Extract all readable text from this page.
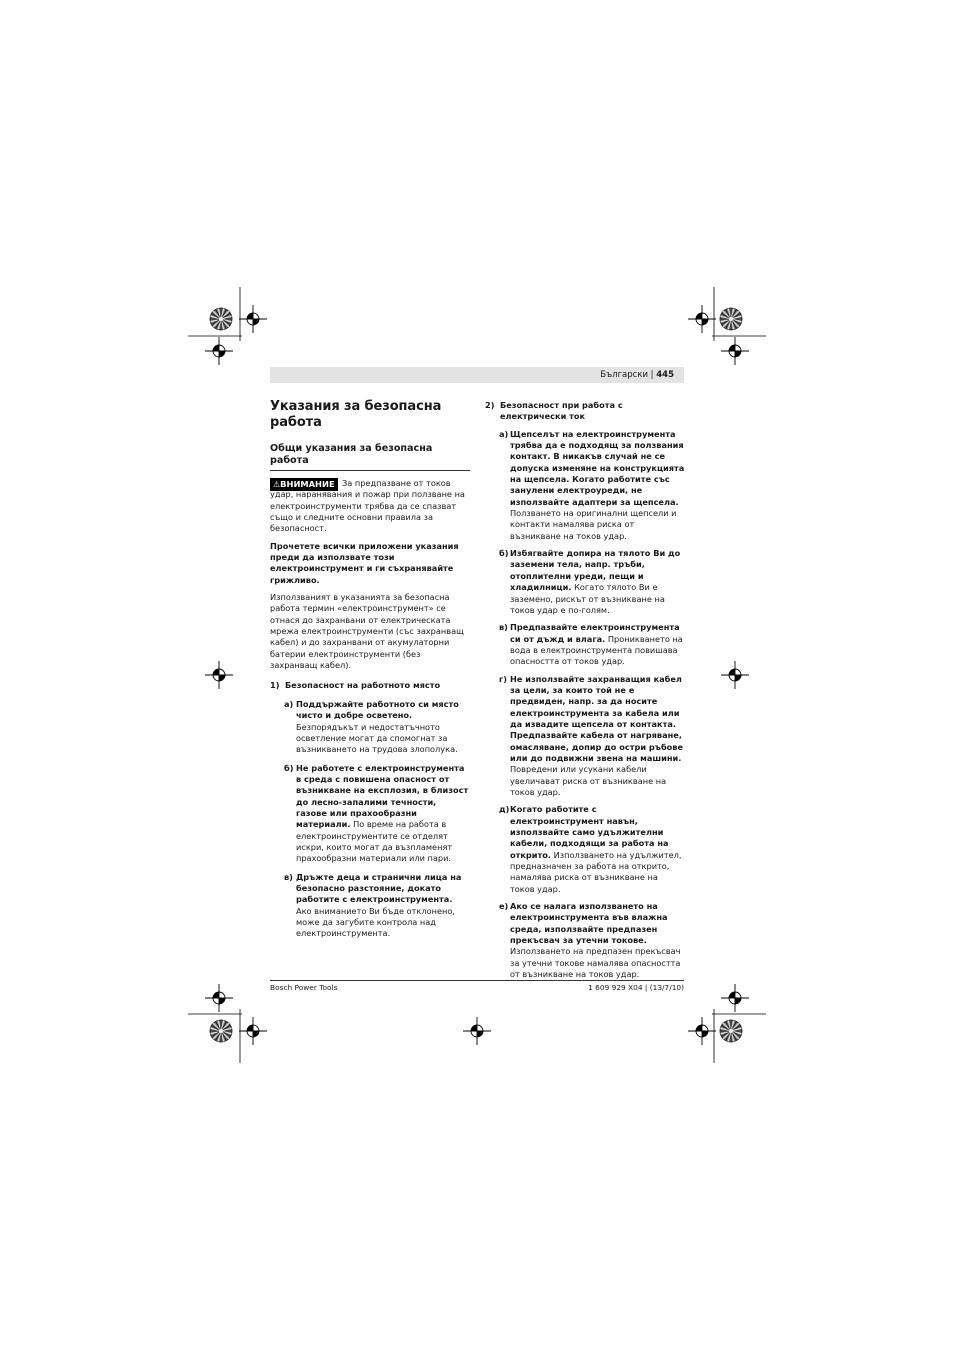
Български | 445
Указания за безопасна работа
Общи указания за безопасна работа
⚠ВНИМАНИЕ За предпазване от токов удар, наранявания и пожар при ползване на електроинструменти трябва да се спазват също и следните основни правила за безопасност.

Прочетете всички приложени указания преди да използвате този електроинструмент и ги съхранявайте грижливо.

Използваният в указанията за безопасна работа термин «електроинструмент» се отнася до захранвани от електрическата мрежа електроинструменти (със захранващ кабел) и до захранвани от акумулаторни батерии електроинструменти (без захранващ кабел).

1) Безопасност на работното място
а) Поддържайте работното си място чисто и добре осветено. Безпорядъкът и недостатъчното осветление могат да спомогнат за възникването на трудова злополука.

б) Не работете с електроинструмента в среда с повишена опасност от възникване на експлозия, в близост до лесно-запалими течности, газове или прахообразни материали. По време на работа в електроинструментите се отделят искри, които могат да възпламенят прахообразни материали или пари.

в) Дръжте деца и странични лица на безопасно разстояние, докато работите с електроинструмента. Ако вниманието Ви бъде отклонено, може да загубите контрола над електроинструмента.

2) Безопасност при работа с електрически ток
а) Щепселът на електроинструмента трябва да е подходящ за ползвания контакт. В никакъв случай не се допуска изменяне на конструкцията на щепсела. Когато работите със занулени електроуреди, не използвайте адаптери за щепсела. Ползването на оригинални щепсели и контакти намалява риска от възникване на токов удар.

б) Избягвайте допира на тялото Ви до заземени тела, напр. тръби, отоплителни уреди, пещи и хладилници. Когато тялото Ви е заземено, рискът от възникване на токов удар е по-голям.

в) Предпазвайте електроинструмента си от дъжд и влага. Проникването на вода в електроинструмента повишава опасността от токов удар.

г) Не използвайте захранващия кабел за цели, за които той не е предвиден, напр. за да носите електроинструмента за кабела или да извадите щепсела от контакта. Предпазвайте кабела от нагряване, омасляване, допир до остри ръбове или до подвижни звена на машини. Повредени или усукани кабели увеличават риска от възникване на токов удар.

д) Когато работите с електроинструмент навън, използвайте само удължителни кабели, подходящи за работа на открито. Използването на удължител, предназначен за работа на открито, намалява риска от възникване на токов удар.

е) Ако се налага използването на електроинструмента във влажна среда, използвайте предпазен прекъсвач за утечни токове. Използването на предпазен прекъсвач за утечни токове намалява опасността от възникване на токов удар.

Bosch Power Tools	1 609 929 X04 | (13/7/10)
